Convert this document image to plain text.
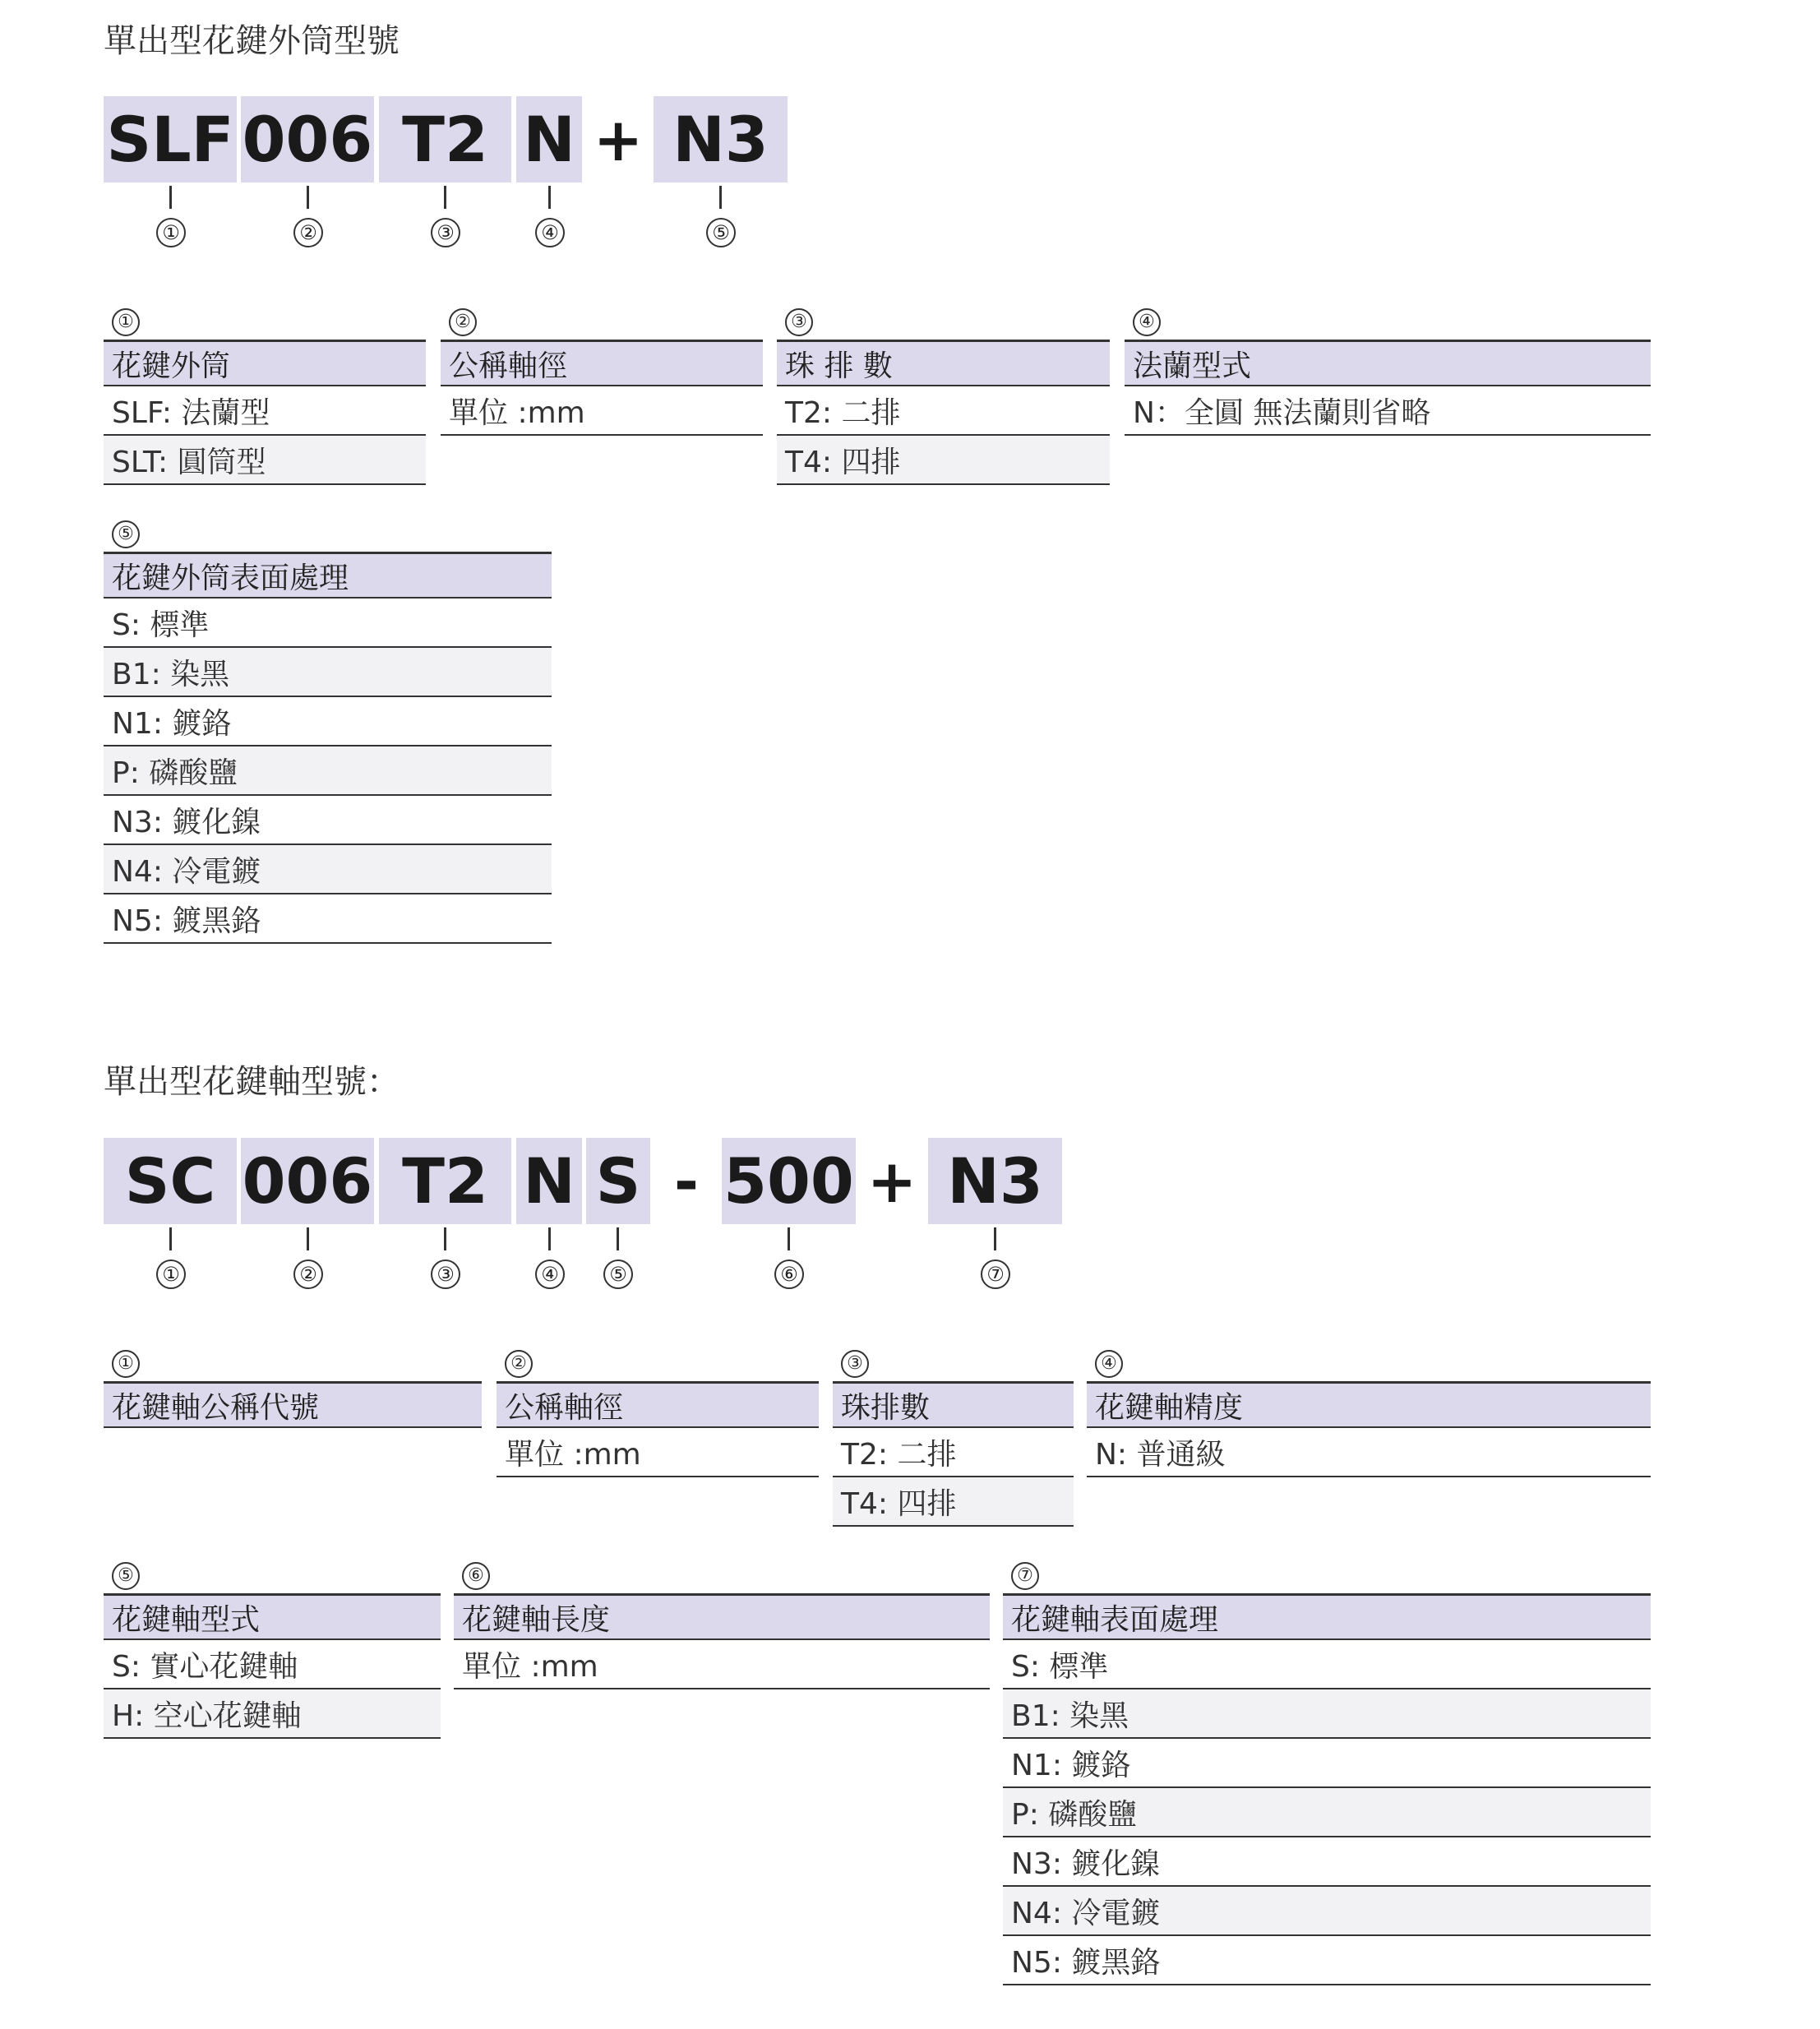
單出型花鍵外筒型號
SLF 006 T2 N + N3
①	②	③	④	⑤
①
花鍵外筒
SLF: 法蘭型
SLT: 圓筒型
②
公稱軸徑
單位 :mm
③
珠 排 數
T2: 二排
T4: 四排
④
法蘭型式
N：全圓 無法蘭則省略
⑤
花鍵外筒表面處理
S: 標準
B1: 染黑
N1: 鍍鉻
P: 磷酸鹽
N3: 鍍化鎳
N4: 冷電鍍
N5: 鍍黑鉻
單出型花鍵軸型號：
SC 006 T2 N S - 500 + N3
①	②	③	④	⑤	⑥	⑦
①
花鍵軸公稱代號
②
公稱軸徑
單位 :mm
③
珠排數
T2: 二排
T4: 四排
④
花鍵軸精度
N: 普通級
⑤
花鍵軸型式
S: 實心花鍵軸
H: 空心花鍵軸
⑥
花鍵軸長度
單位 :mm
⑦
花鍵軸表面處理
S: 標準
B1: 染黑
N1: 鍍鉻
P: 磷酸鹽
N3: 鍍化鎳
N4: 冷電鍍
N5: 鍍黑鉻
